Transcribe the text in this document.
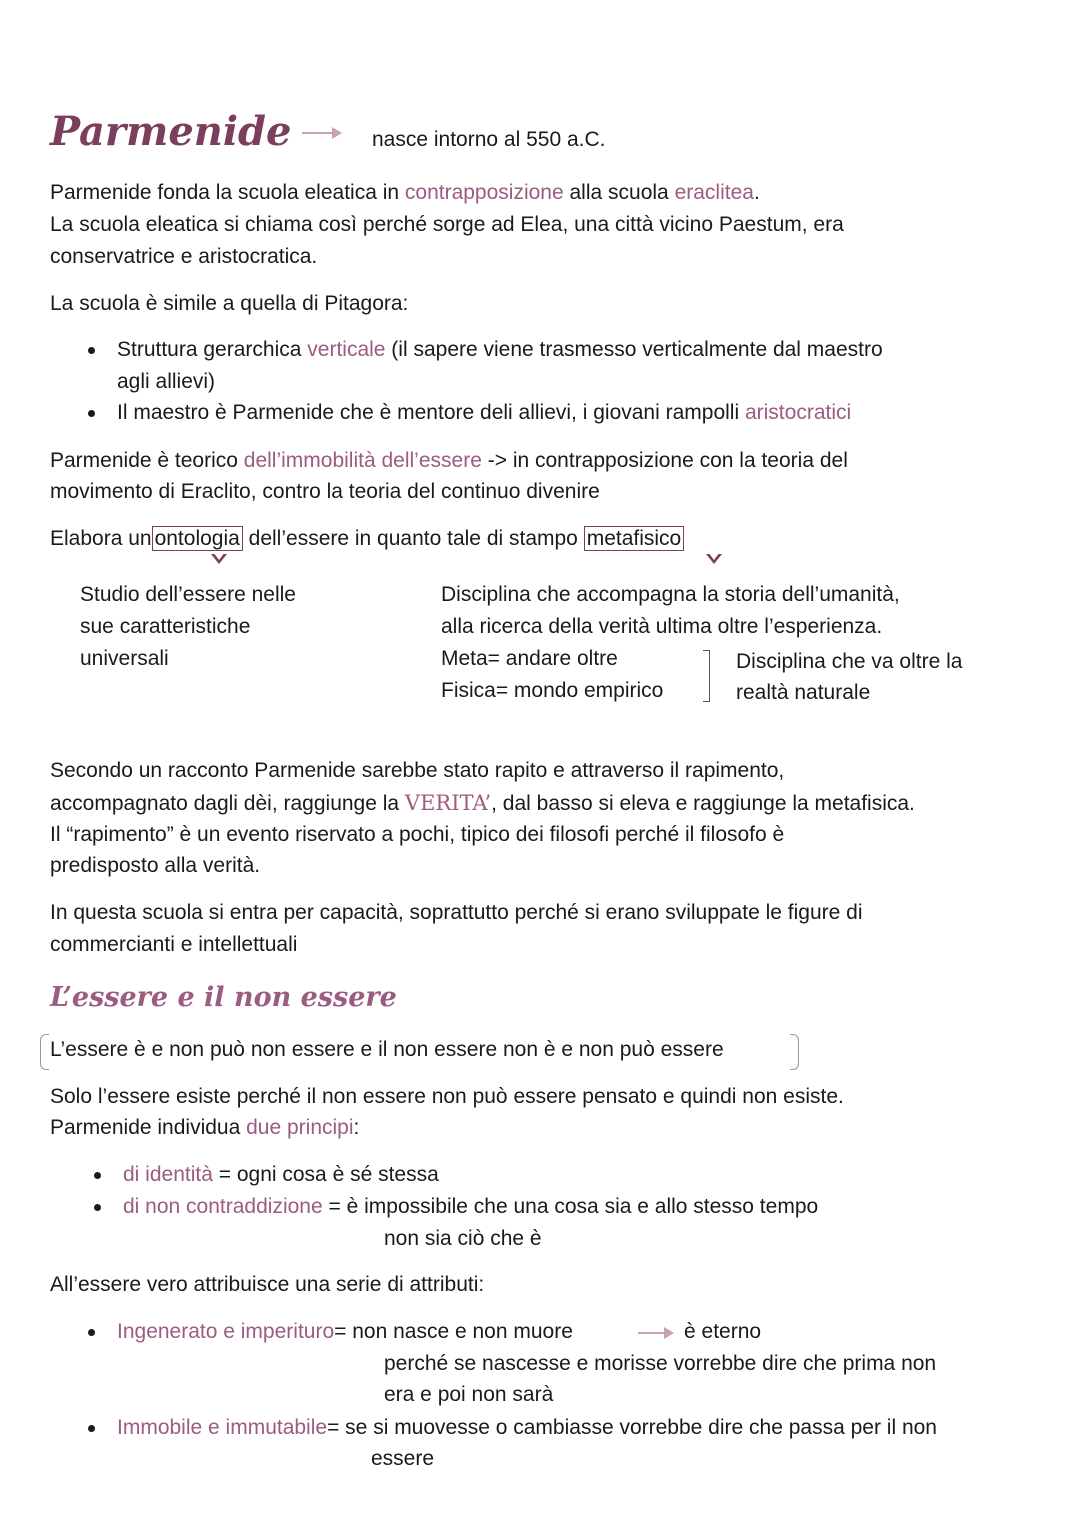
Parmenide	nasce intorno al 550 a.C.
Parmenide fonda la scuola eleatica in contrapposizione alla scuola eraclitea.
La scuola eleatica si chiama così perché sorge ad Elea, una città vicino Paestum, era
conservatrice e aristocratica.
La scuola è simile a quella di Pitagora:
Struttura gerarchica verticale (il sapere viene trasmesso verticalmente dal maestro
agli allievi)
Il maestro è Parmenide che è mentore deli allievi, i giovani rampolli aristocratici
Parmenide è teorico dell’immobilità dell’essere -> in contrapposizione con la teoria del
movimento di Eraclito, contro la teoria del continuo divenire
Elabora un ontologia dell’essere in quanto tale di stampo metafisico
Studio dell’essere nelle
sue caratteristiche
universali
Disciplina che accompagna la storia dell’umanità,
alla ricerca della verità ultima oltre l’esperienza.
Meta= andare oltre
Fisica= mondo empirico
Disciplina che va oltre la
realtà naturale
Secondo un racconto Parmenide sarebbe stato rapito e attraverso il rapimento,
accompagnato dagli dèi, raggiunge la VERITA’, dal basso si eleva e raggiunge la metafisica.
Il “rapimento” è un evento riservato a pochi, tipico dei filosofi perché il filosofo è
predisposto alla verità.
In questa scuola si entra per capacità, soprattutto perché si erano sviluppate le figure di
commercianti e intellettuali
L’essere e il non essere
L’essere è e non può non essere e il non essere non è e non può essere
Solo l’essere esiste perché il non essere non può essere pensato e quindi non esiste.
Parmenide individua due principi:
di identità = ogni cosa è sé stessa
di non contraddizione = è impossibile che una cosa sia e allo stesso tempo
non sia ciò che è
All’essere vero attribuisce una serie di attributi:
Ingenerato e imperituro= non nasce e non muore	è eterno
perché se nascesse e morisse vorrebbe dire che prima non
era e poi non sarà
Immobile e immutabile= se si muovesse o cambiasse vorrebbe dire che passa per il non
essere
